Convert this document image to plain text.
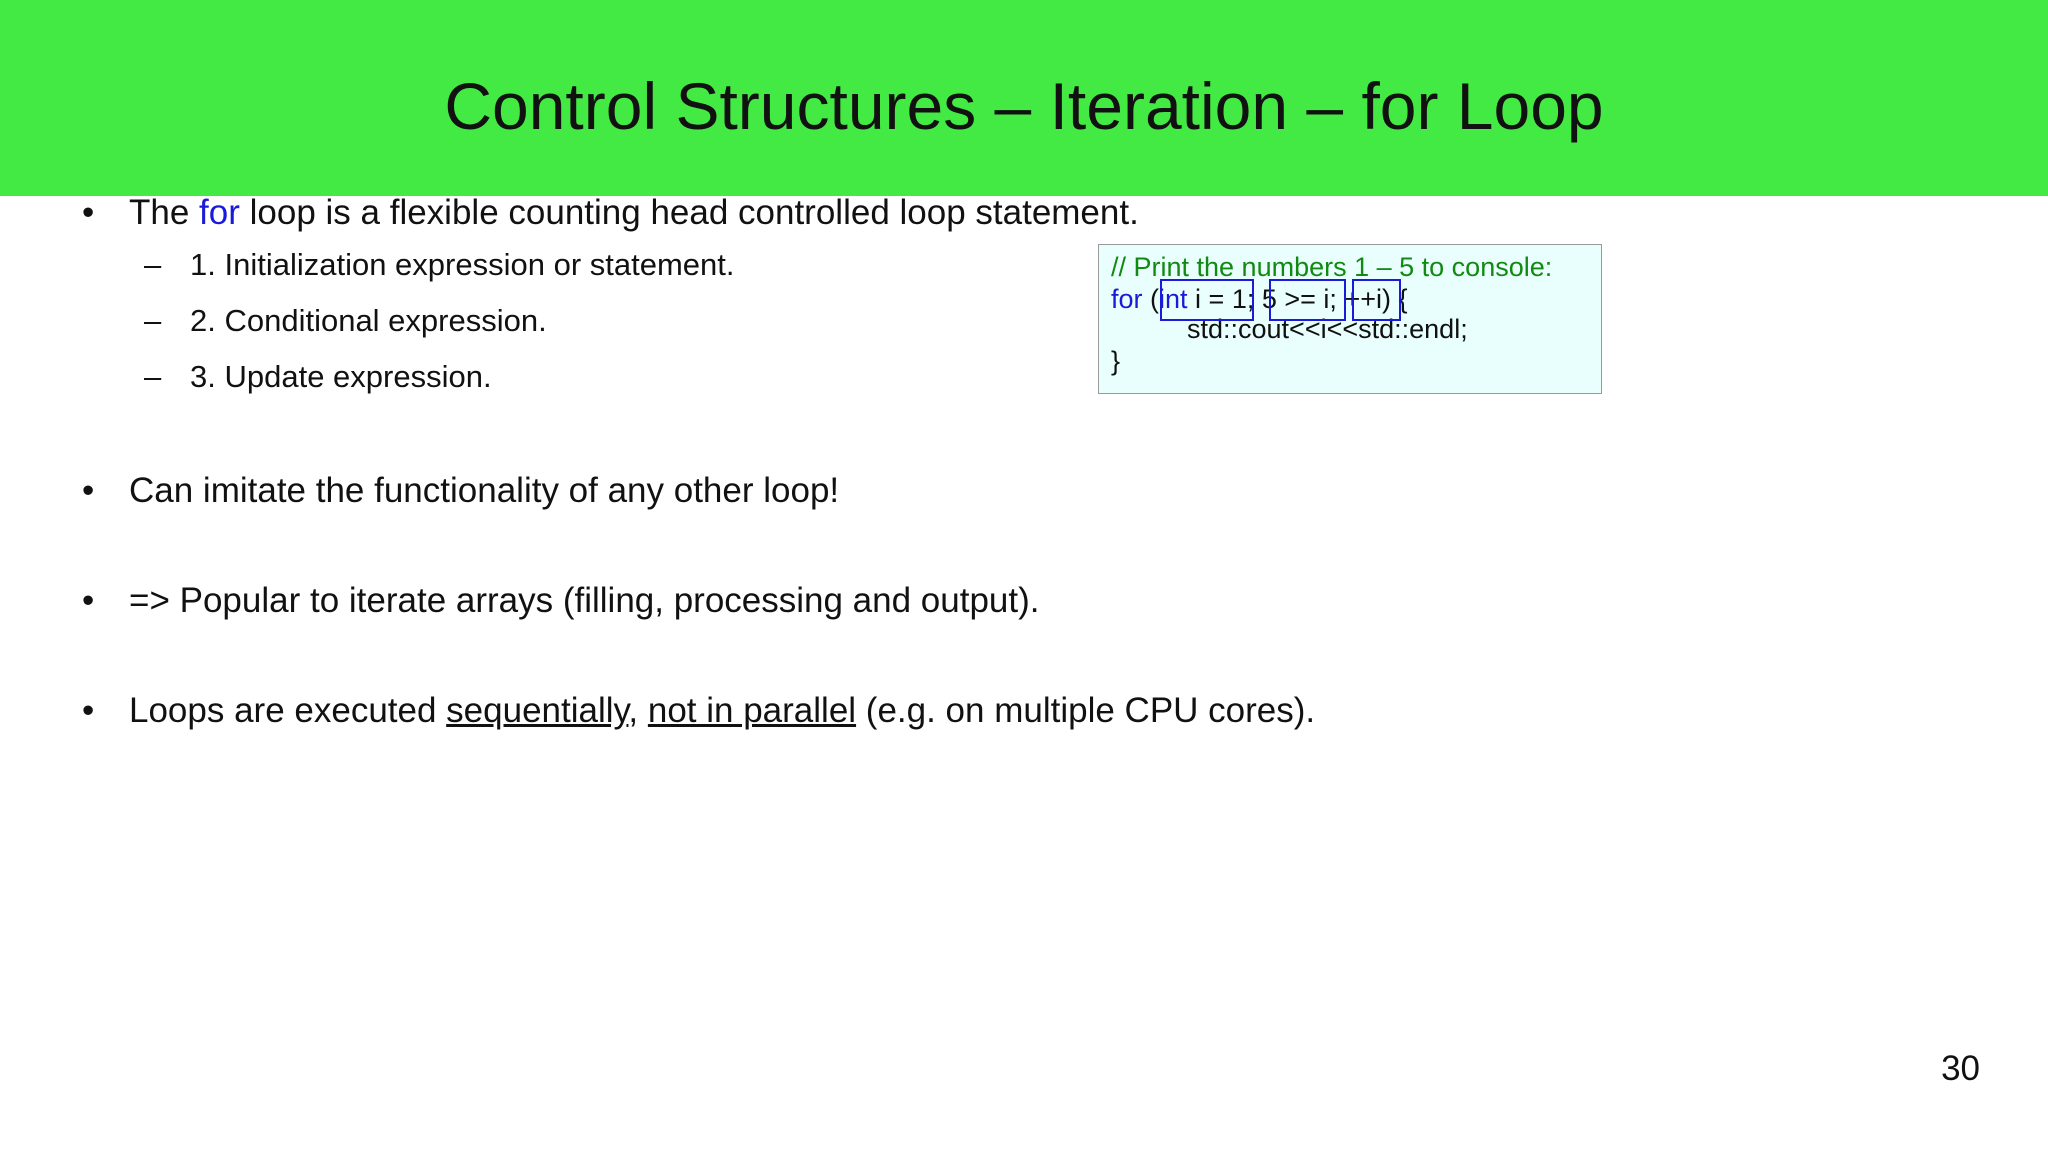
Control Structures – Iteration – for Loop
• The for loop is a flexible counting head controlled loop statement.
– 1. Initialization expression or statement.
– 2. Conditional expression.
– 3. Update expression.
• Can imitate the functionality of any other loop!
• => Popular to iterate arrays (filling, processing and output).
• Loops are executed sequentially, not in parallel (e.g. on multiple CPU cores).
// Print the numbers 1 – 5 to console:
for (int i = 1; 5 >= i; ++i) {
std::cout<<i<<std::endl;
}
30
